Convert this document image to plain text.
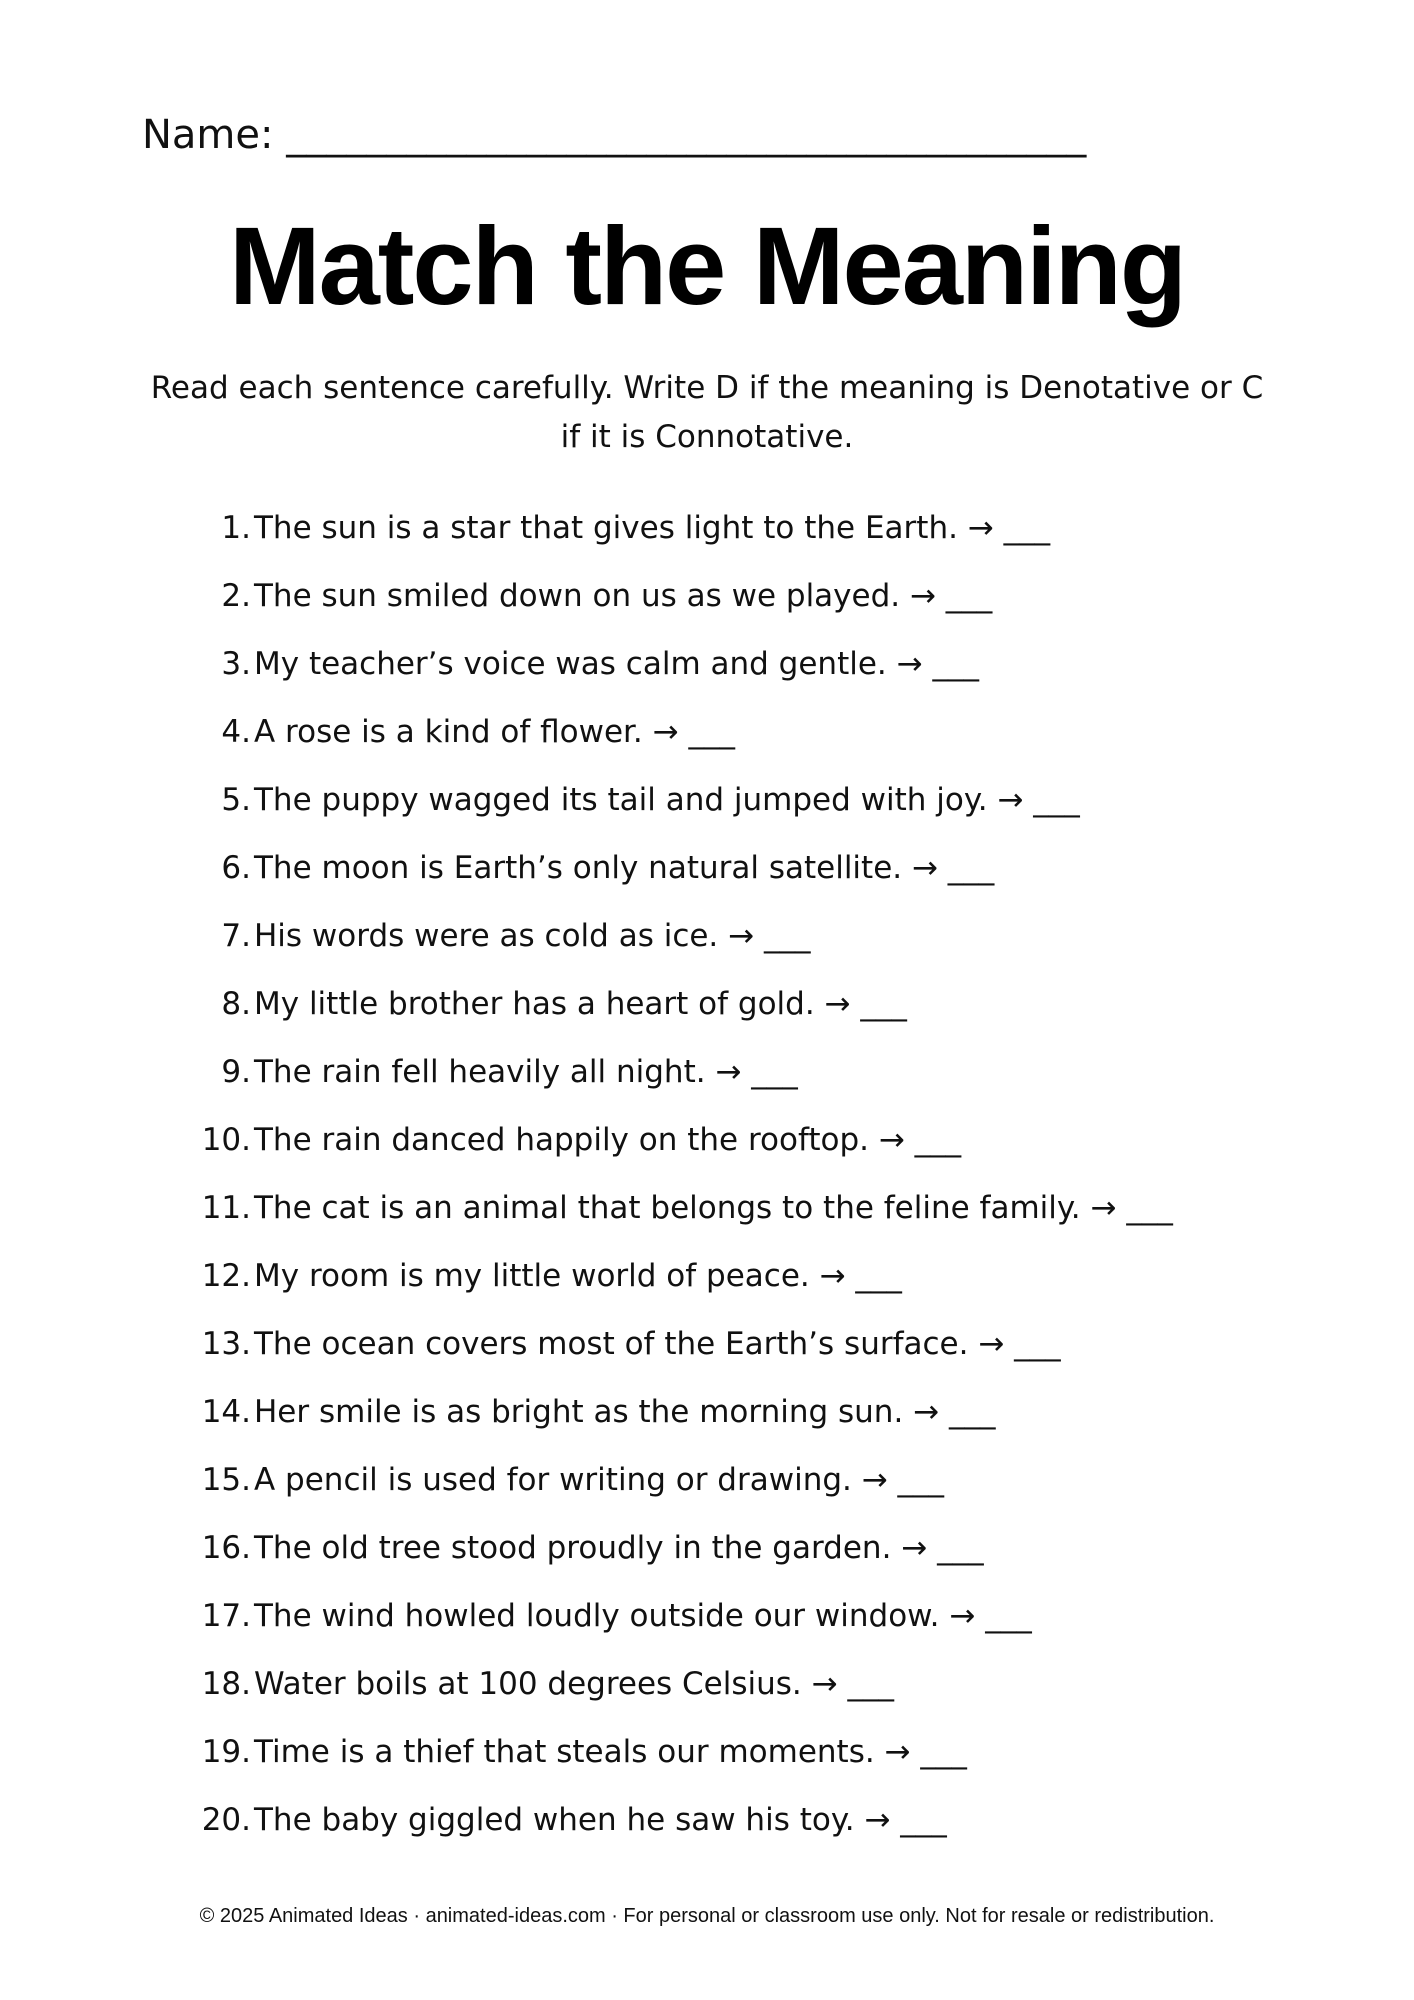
Name: ________________________________________
Match the Meaning
Read each sentence carefully. Write D if the meaning is Denotative or C if it is Connotative.
1. The sun is a star that gives light to the Earth. → ___
2. The sun smiled down on us as we played. → ___
3. My teacher’s voice was calm and gentle. → ___
4. A rose is a kind of flower. → ___
5. The puppy wagged its tail and jumped with joy. → ___
6. The moon is Earth’s only natural satellite. → ___
7. His words were as cold as ice. → ___
8. My little brother has a heart of gold. → ___
9. The rain fell heavily all night. → ___
10. The rain danced happily on the rooftop. → ___
11. The cat is an animal that belongs to the feline family. → ___
12. My room is my little world of peace. → ___
13. The ocean covers most of the Earth’s surface. → ___
14. Her smile is as bright as the morning sun. → ___
15. A pencil is used for writing or drawing. → ___
16. The old tree stood proudly in the garden. → ___
17. The wind howled loudly outside our window. → ___
18. Water boils at 100 degrees Celsius. → ___
19. Time is a thief that steals our moments. → ___
20. The baby giggled when he saw his toy. → ___
© 2025 Animated Ideas · animated-ideas.com · For personal or classroom use only. Not for resale or redistribution.
